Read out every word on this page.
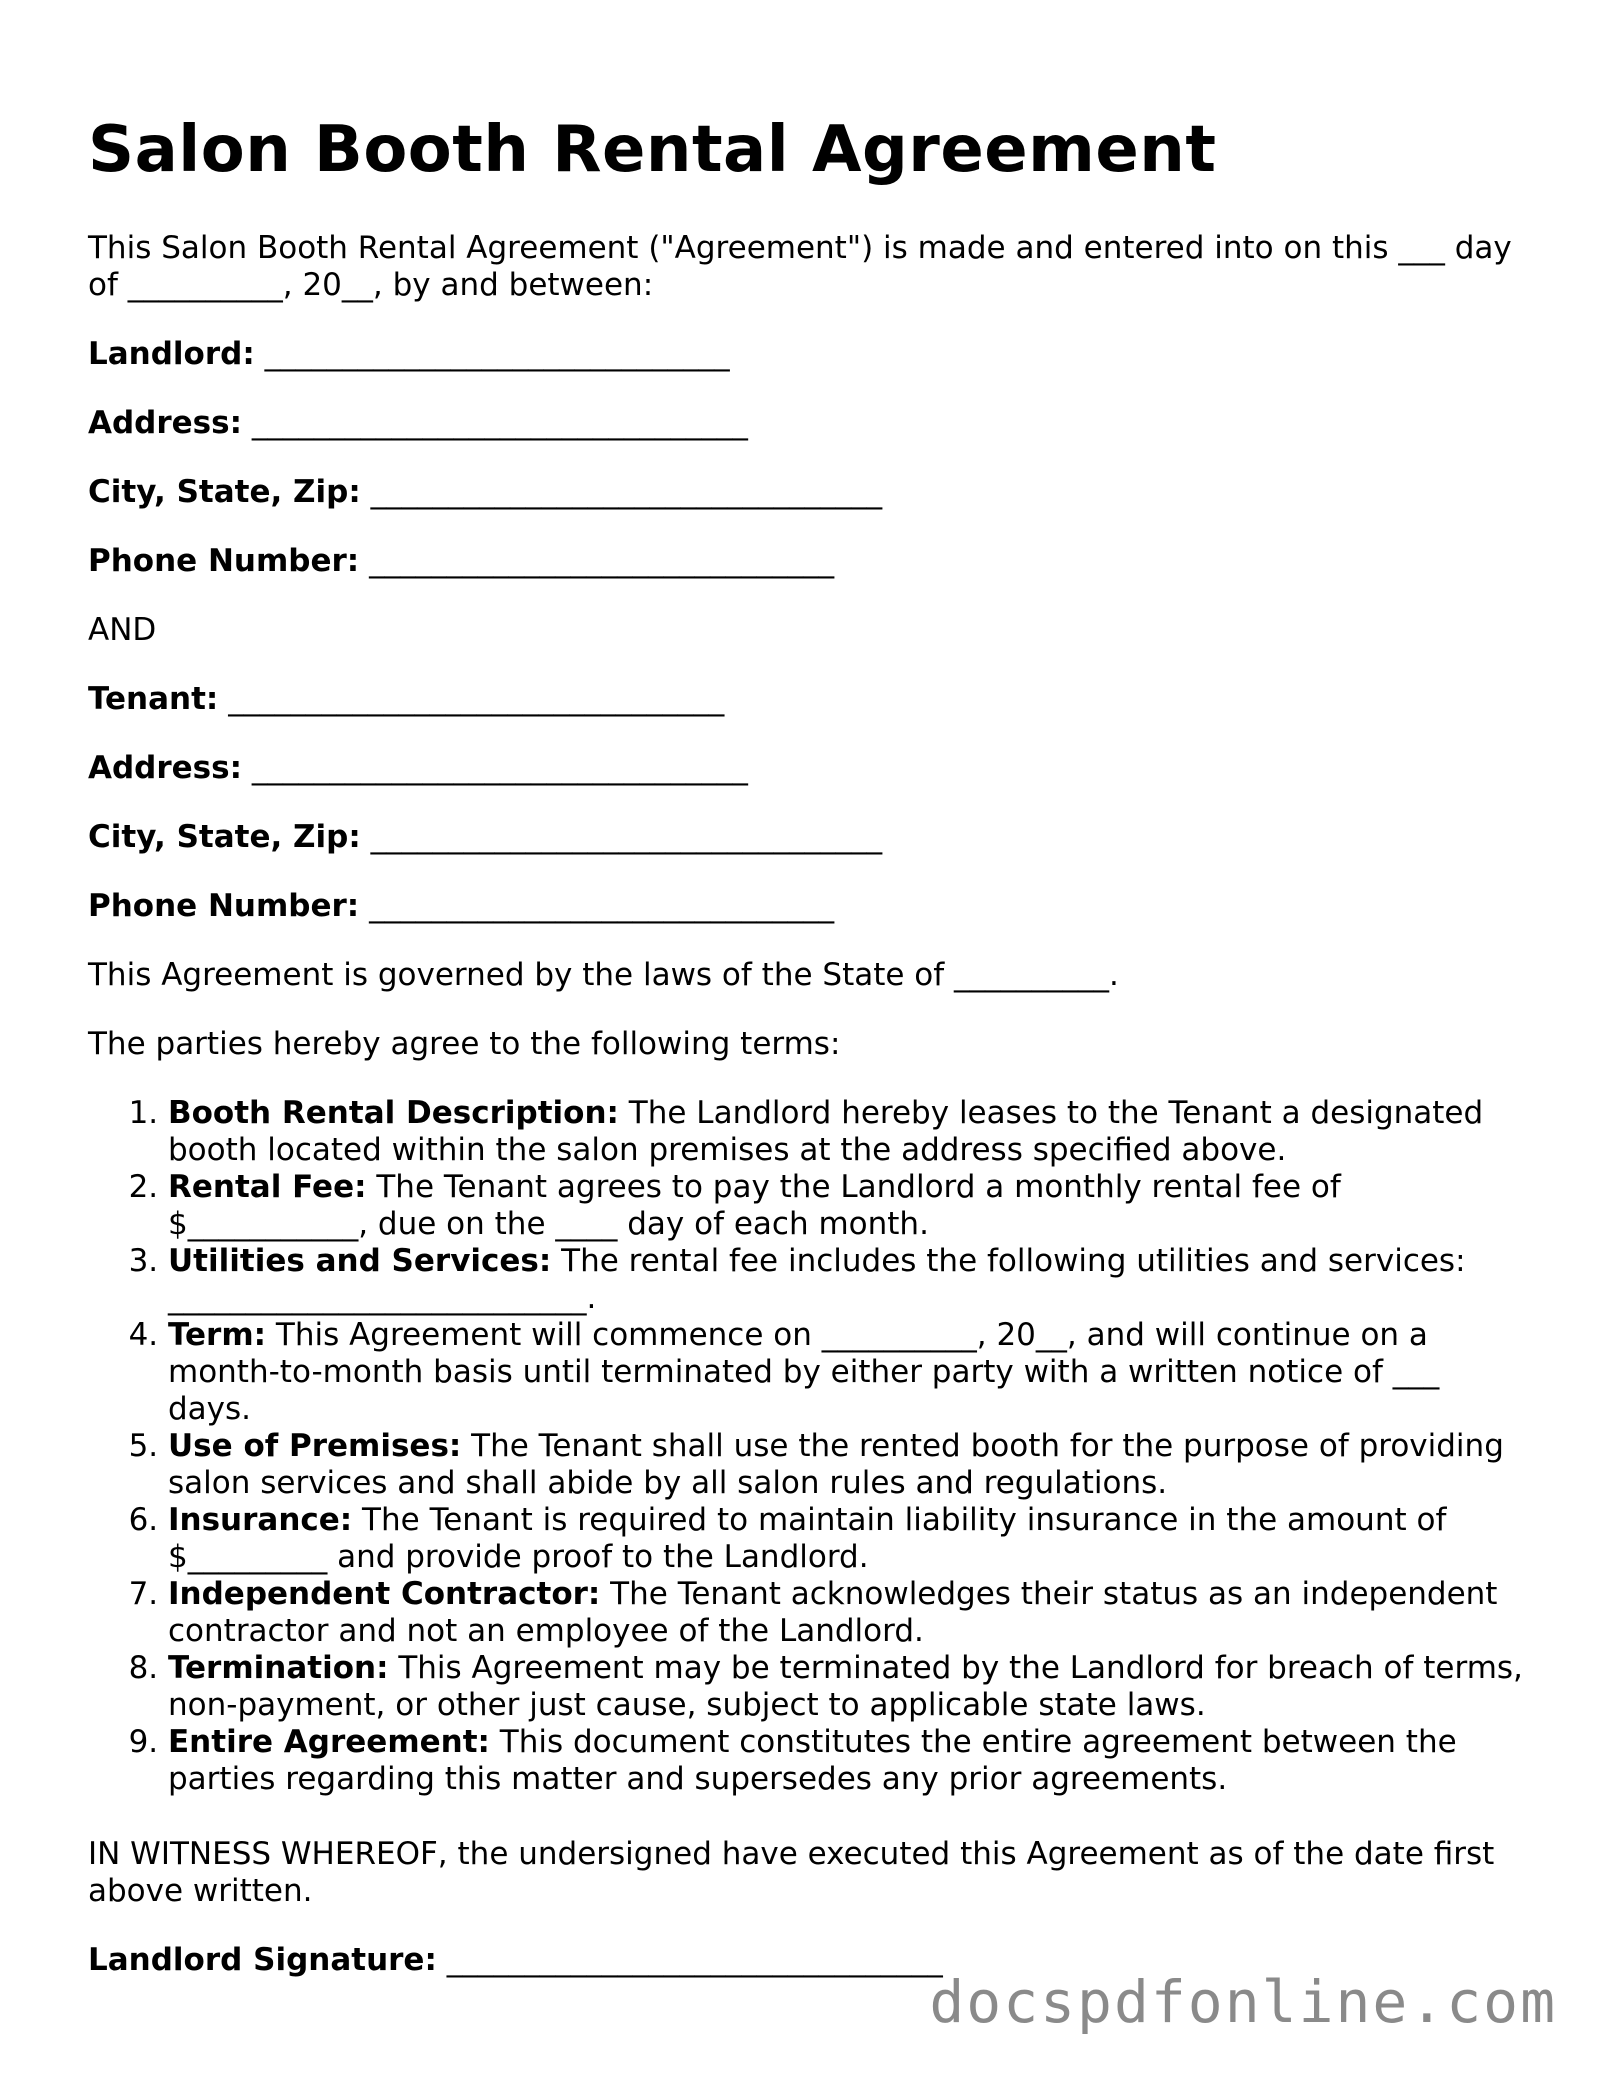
Salon Booth Rental Agreement

This Salon Booth Rental Agreement ("Agreement") is made and entered into on this ___ day of __________, 20__, by and between:

Landlord: ______________________________

Address: ________________________________

City, State, Zip: _________________________________

Phone Number: ______________________________

AND

Tenant: ________________________________

Address: ________________________________

City, State, Zip: _________________________________

Phone Number: ______________________________

This Agreement is governed by the laws of the State of __________.

The parties hereby agree to the following terms:

1. Booth Rental Description: The Landlord hereby leases to the Tenant a designated booth located within the salon premises at the address specified above.
2. Rental Fee: The Tenant agrees to pay the Landlord a monthly rental fee of $___________, due on the ____ day of each month.
3. Utilities and Services: The rental fee includes the following utilities and services: ___________________________.
4. Term: This Agreement will commence on __________, 20__, and will continue on a month-to-month basis until terminated by either party with a written notice of ___ days.
5. Use of Premises: The Tenant shall use the rented booth for the purpose of providing salon services and shall abide by all salon rules and regulations.
6. Insurance: The Tenant is required to maintain liability insurance in the amount of $_________ and provide proof to the Landlord.
7. Independent Contractor: The Tenant acknowledges their status as an independent contractor and not an employee of the Landlord.
8. Termination: This Agreement may be terminated by the Landlord for breach of terms, non-payment, or other just cause, subject to applicable state laws.
9. Entire Agreement: This document constitutes the entire agreement between the parties regarding this matter and supersedes any prior agreements.

IN WITNESS WHEREOF, the undersigned have executed this Agreement as of the date first above written.

Landlord Signature: ________________________________

docspdfonline.com
